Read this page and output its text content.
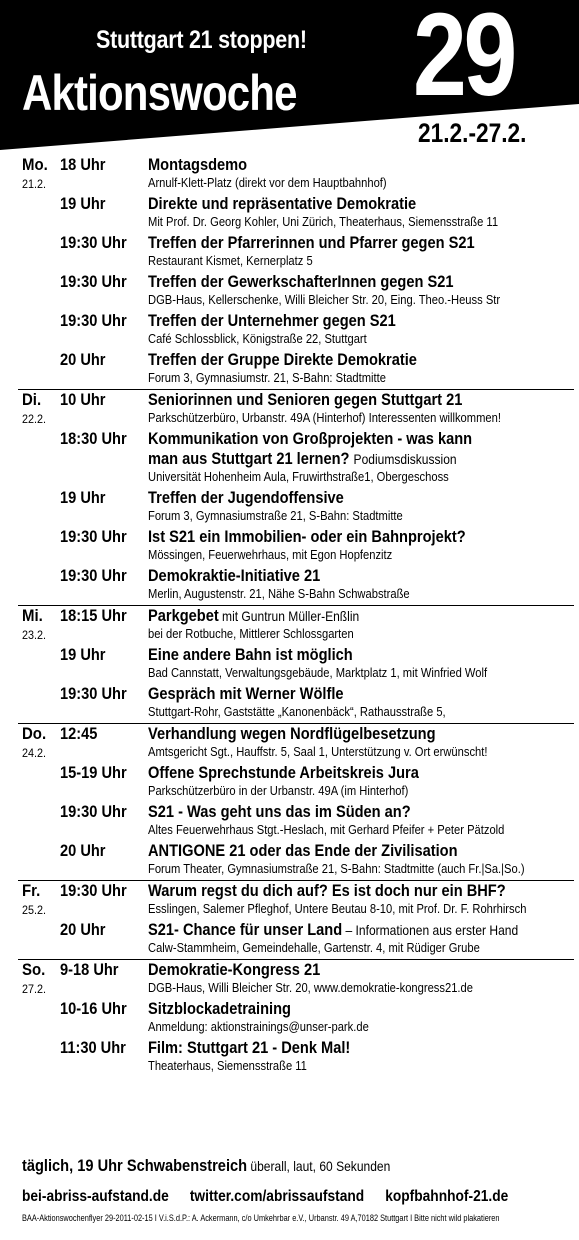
Stuttgart 21 stoppen!
Aktionswoche 29
21.2.-27.2.
Mo.
21.2.
18 Uhr Montagsdemo
Arnulf-Klett-Platz (direkt vor dem Hauptbahnhof)
19 Uhr Direkte und repräsentative Demokratie
Mit Prof. Dr. Georg Kohler, Uni Zürich, Theaterhaus, Siemensstraße 11
19:30 Uhr Treffen der Pfarrerinnen und Pfarrer gegen S21
Restaurant Kismet, Kernerplatz 5
19:30 Uhr Treffen der GewerkschafterInnen gegen S21
DGB-Haus, Kellerschenke, Willi Bleicher Str. 20, Eing. Theo.-Heuss Str
19:30 Uhr Treffen der Unternehmer gegen S21
Café Schlossblick, Königstraße 22, Stuttgart
20 Uhr Treffen der Gruppe Direkte Demokratie
Forum 3, Gymnasiumstr. 21, S-Bahn: Stadtmitte
Di.
22.2.
10 Uhr Seniorinnen und Senioren gegen Stuttgart 21
Parkschützerbüro, Urbanstr. 49A (Hinterhof) Interessenten willkommen!
18:30 Uhr Kommunikation von Großprojekten - was kann
man aus Stuttgart 21 lernen? Podiumsdiskussion
Universität Hohenheim Aula, Fruwirthstraße1, Obergeschoss
19 Uhr Treffen der Jugendoffensive
Forum 3, Gymnasiumstraße 21, S-Bahn: Stadtmitte
19:30 Uhr Ist S21 ein Immobilien- oder ein Bahnprojekt?
Mössingen, Feuerwehrhaus, mit Egon Hopfenzitz
19:30 Uhr Demokraktie-Initiative 21
Merlin, Augustenstr. 21, Nähe S-Bahn Schwabstraße
Mi.
23.2.
18:15 Uhr Parkgebet mit Guntrun Müller-Enßlin
bei der Rotbuche, Mittlerer Schlossgarten
19 Uhr Eine andere Bahn ist möglich
Bad Cannstatt, Verwaltungsgebäude, Marktplatz 1, mit Winfried Wolf
19:30 Uhr Gespräch mit Werner Wölfle
Stuttgart-Rohr, Gaststätte „Kanonenbäck“, Rathausstraße 5,
Do.
24.2.
12:45	Verhandlung wegen Nordflügelbesetzung
Amtsgericht Sgt., Hauffstr. 5, Saal 1, Unterstützung v. Ort erwünscht!
15-19 Uhr Offene Sprechstunde Arbeitskreis Jura
Parkschützerbüro in der Urbanstr. 49A (im Hinterhof)
19:30 Uhr S21 - Was geht uns das im Süden an?
Altes Feuerwehrhaus Stgt.-Heslach, mit Gerhard Pfeifer + Peter Pätzold
20 Uhr ANTIGONE 21 oder das Ende der Zivilisation
Forum Theater, Gymnasiumstraße 21, S-Bahn: Stadtmitte (auch Fr.|Sa.|So.)
Fr.
25.2.
19:30 Uhr Warum regst du dich auf? Es ist doch nur ein BHF?
Esslingen, Salemer Pfleghof, Untere Beutau 8-10, mit Prof. Dr. F. Rohrhirsch
20 Uhr S21- Chance für unser Land – Informationen aus erster Hand
Calw-Stammheim, Gemeindehalle, Gartenstr. 4, mit Rüdiger Grube
So.
27.2.
9-18 Uhr Demokratie-Kongress 21
DGB-Haus, Willi Bleicher Str. 20, www.demokratie-kongress21.de
10-16 Uhr Sitzblockadetraining
Anmeldung: aktionstrainings@unser-park.de
11:30 Uhr Film: Stuttgart 21 - Denk Mal!
Theaterhaus, Siemensstraße 11
täglich, 19 Uhr Schwabenstreich überall, laut, 60 Sekunden
bei-abriss-aufstand.de twitter.com/abrissaufstand kopfbahnhof-21.de
BAA-Aktionswochenflyer 29-2011-02-15 I V.i.S.d.P.: A. Ackermann, c/o Umkehrbar e.V., Urbanstr. 49 A,70182 Stuttgart I Bitte nicht wild plakatieren
